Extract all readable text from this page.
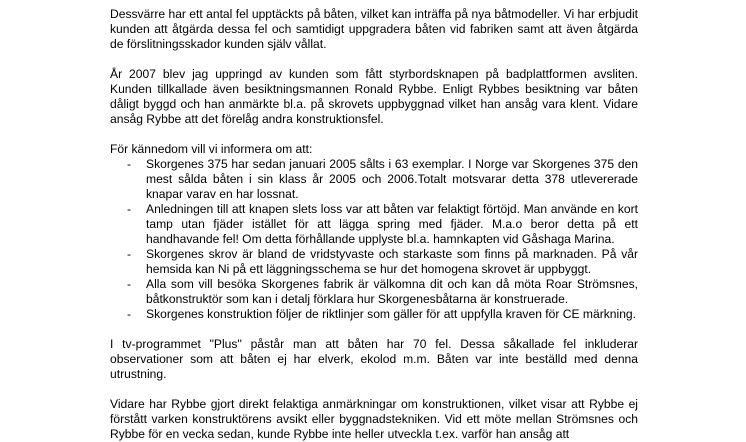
Dessvärre har ett antal fel upptäckts på båten, vilket kan inträffa på nya båtmodeller. Vi har erbjudit kunden att åtgärda dessa fel och samtidigt uppgradera båten vid fabriken samt att även åtgärda de förslitningsskador kunden själv vållat.

År 2007 blev jag uppringd av kunden som fått styrbordsknapen på badplattformen avsliten. Kunden tillkallade även besiktningsmannen Ronald Rybbe. Enligt Rybbes besiktning var båten dåligt byggd och han anmärkte bl.a. på skrovets uppbyggnad vilket han ansåg vara klent. Vidare ansåg Rybbe att det förelåg andra konstruktionsfel.

För kännedom vill vi informera om att:

- Skorgenes 375 har sedan januari 2005 sålts i 63 exemplar. I Norge var Skorgenes 375 den mest sålda båten i sin klass år 2005 och 2006.Totalt motsvarar detta 378 utlevererade knapar varav en har lossnat.
- Anledningen till att knapen slets loss var att båten var felaktigt förtöjd. Man använde en kort tamp utan fjäder istället för att lägga spring med fjäder. M.a.o beror detta på ett handhavande fel! Om detta förhållande upplyste bl.a. hamnkapten vid Gåshaga Marina.
- Skorgenes skrov är bland de vridstyvaste och starkaste som finns på marknaden. På vår hemsida kan Ni på ett läggningsschema se hur det homogena skrovet är uppbyggt.
- Alla som vill besöka Skorgenes fabrik är välkomna dit och kan då möta Roar Strömsnes, båtkonstruktör som kan i detalj förklara hur Skorgenesbåtarna är konstruerade.
- Skorgenes konstruktion följer de riktlinjer som gäller för att uppfylla kraven för CE märkning.

I tv-programmet "Plus" påstår man att båten har 70 fel. Dessa såkallade fel inkluderar observationer som att båten ej har elverk, ekolod m.m. Båten var inte beställd med denna utrustning.

Vidare har Rybbe gjort direkt felaktiga anmärkningar om konstruktionen, vilket visar att Rybbe ej förstått varken konstruktörens avsikt eller byggnadstekniken. Vid ett möte mellan Strömsnes och Rybbe för en vecka sedan, kunde Rybbe inte heller utveckla t.ex. varför han ansåg att
